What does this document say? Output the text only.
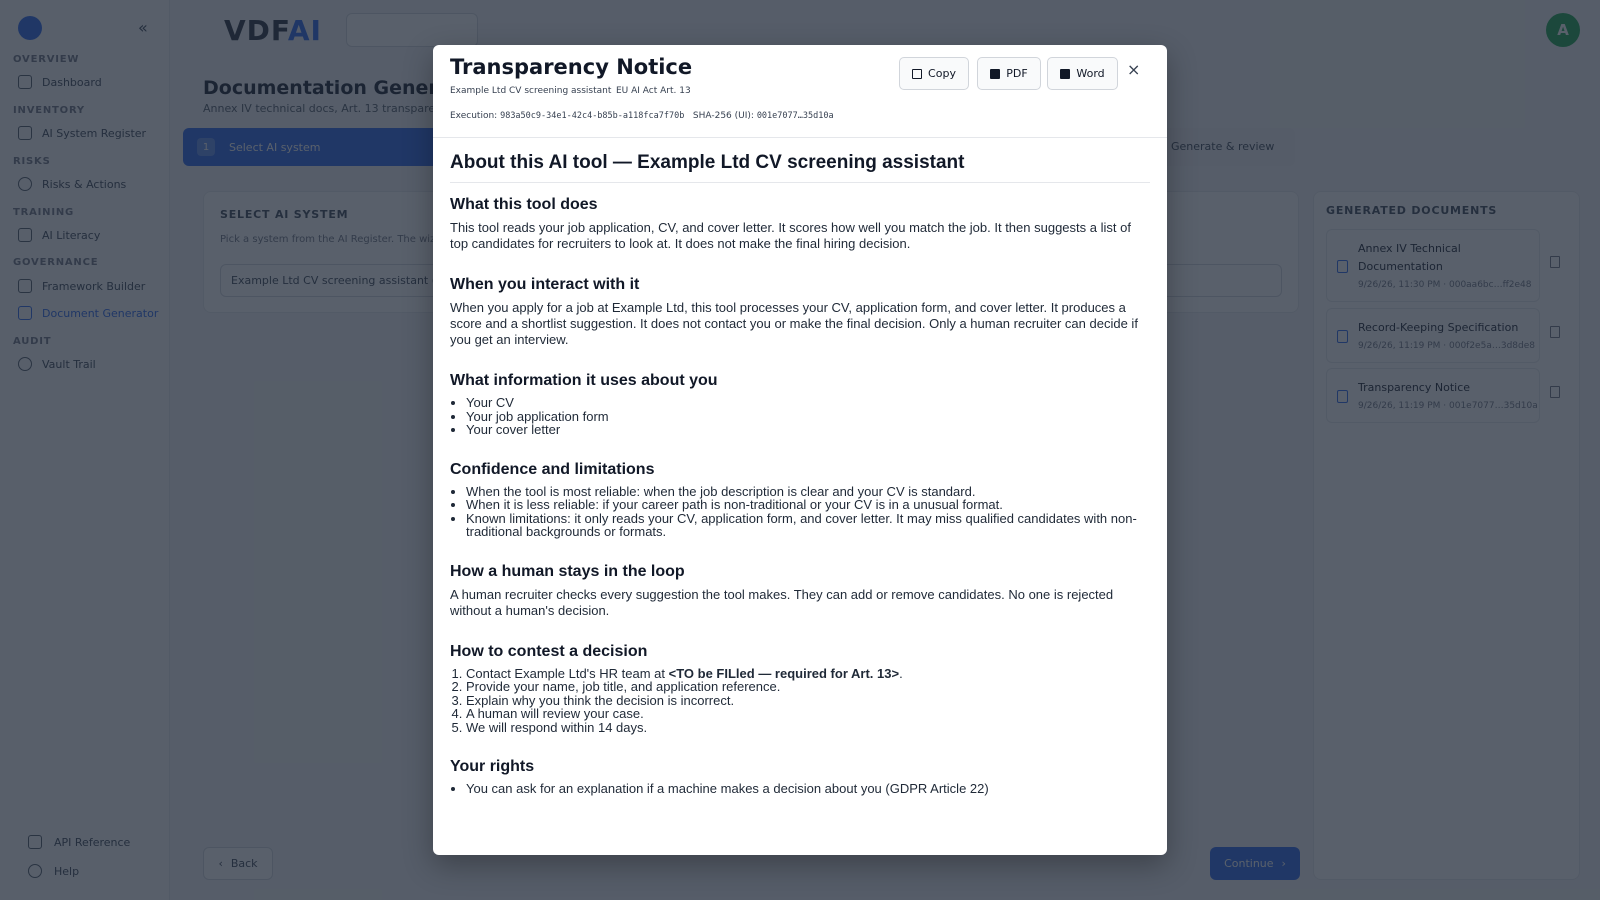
Transparency Notice
Example Ltd CV screening assistant EU AI Act Art. 13
Execution: 983a50c9-34e1-42c4-b85b-a118fca7f70b SHA-256 (UI): 001e7077…35d10a
Copy	PDF	Word ×
About this AI tool — Example Ltd CV screening assistant
What this tool does

This tool reads your job application, CV, and cover letter. It scores how well you match the job. It then suggests a list of top candidates for recruiters to look at. It does not make the final hiring decision.

When you interact with it

When you apply for a job at Example Ltd, this tool processes your CV, application form, and cover letter. It produces a score and a shortlist suggestion. It does not contact you or make the final decision. Only a human recruiter can decide if you get an interview.

What information it uses about you
• Your CV
• Your job application form
• Your cover letter
Confidence and limitations
• When the tool is most reliable: when the job description is clear and your CV is standard.
• When it is less reliable: if your career path is non-traditional or your CV is in a unusual format.
• Known limitations: it only reads your CV, application form, and cover letter. It may miss qualified candidates with non-traditional backgrounds or formats.
How a human stays in the loop

A human recruiter checks every suggestion the tool makes. They can add or remove candidates. No one is rejected without a human's decision.

How to contest a decision
1. Contact Example Ltd's HR team at <TO be FILled — required for Art. 13>.
2. Provide your name, job title, and application reference.
3. Explain why you think the decision is incorrect.
4. A human will review your case.
5. We will respond within 14 days.
Your rights
• You can ask for an explanation if a machine makes a decision about you (GDPR Article 22)
